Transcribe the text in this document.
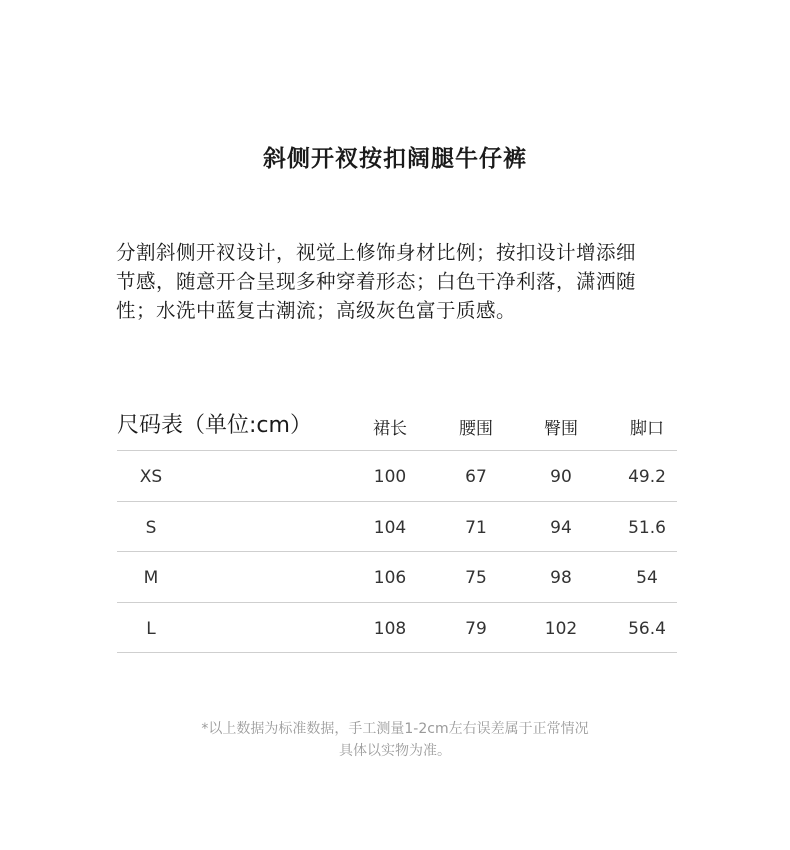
斜侧开衩按扣阔腿牛仔裤
分割斜侧开衩设计，视觉上修饰身材比例；按扣设计增添细
节感，随意开合呈现多种穿着形态；白色干净利落，潇洒随
性；水洗中蓝复古潮流；高级灰色富于质感。
尺码表（单位:cm）	裙长	腰围	臀围	脚口
XS	100	67	90	49.2
S	104	71	94	51.6
M	106	75	98	54
L	108	79	102	56.4
*以上数据为标准数据，手工测量1-2cm左右误差属于正常情况
具体以实物为准。
